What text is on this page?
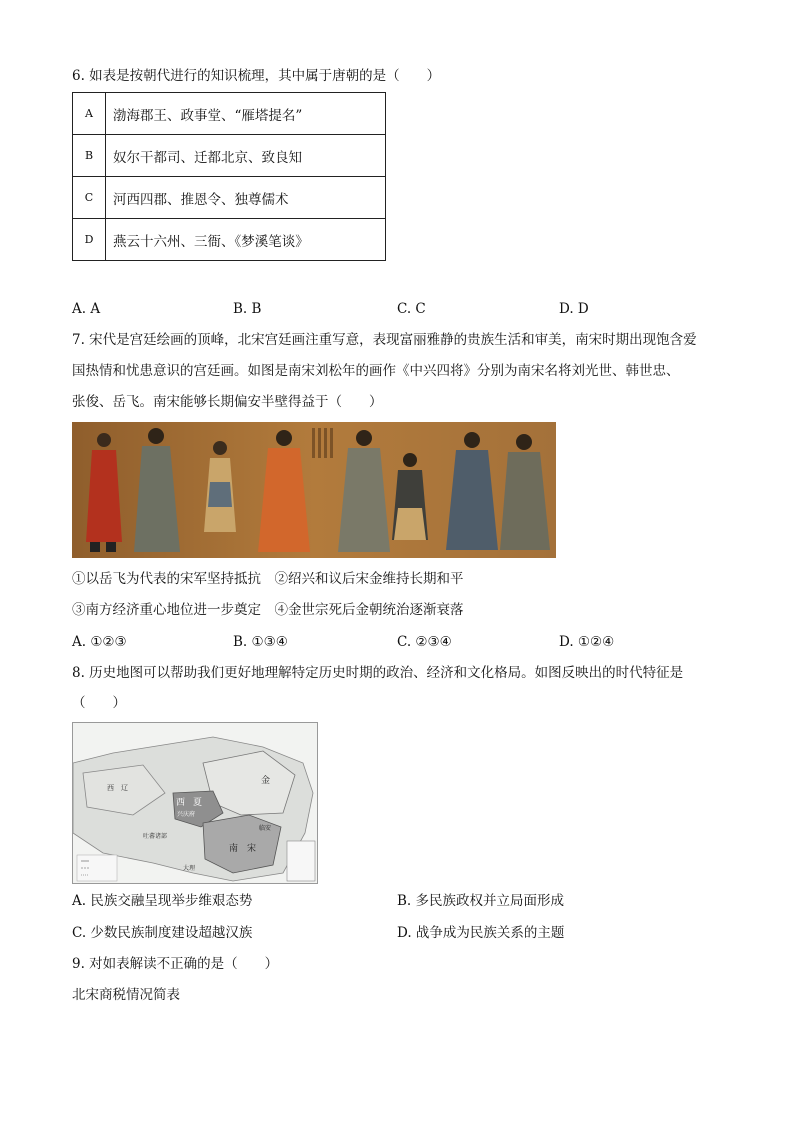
6. 如表是按朝代进行的知识梳理，其中属于唐朝的是（　　）
A	渤海郡王、政事堂、“雁塔提名”
B	奴尔干都司、迁都北京、致良知
C	河西四郡、推恩令、独尊儒术
D	燕云十六州、三衙、《梦溪笔谈》
A. A	B. B	C. C	D. D
7. 宋代是宫廷绘画的顶峰，北宋宫廷画注重写意，表现富丽雅静的贵族生活和审美，南宋时期出现饱含爱
国热情和忧患意识的宫廷画。如图是南宋刘松年的画作《中兴四将》分别为南宋名将刘光世、韩世忠、
张俊、岳飞。南宋能够长期偏安半壁得益于（　　）
①以岳飞为代表的宋军坚持抵抗　②绍兴和议后宋金维持长期和平
③南方经济重心地位进一步奠定　④金世宗死后金朝统治逐渐衰落
A. ①②③	B. ①③④	C. ②③④	D. ①②④
8. 历史地图可以帮助我们更好地理解特定历史时期的政治、经济和文化格局。如图反映出的时代特征是
（　　）
西 夏
兴庆府
南　宋
金
临安
西　辽
吐蕃诸部
大理
A. 民族交融呈现举步维艰态势	B. 多民族政权并立局面形成
C. 少数民族制度建设超越汉族	D. 战争成为民族关系的主题
9. 对如表解读不正确的是（　　）
北宋商税情况简表
